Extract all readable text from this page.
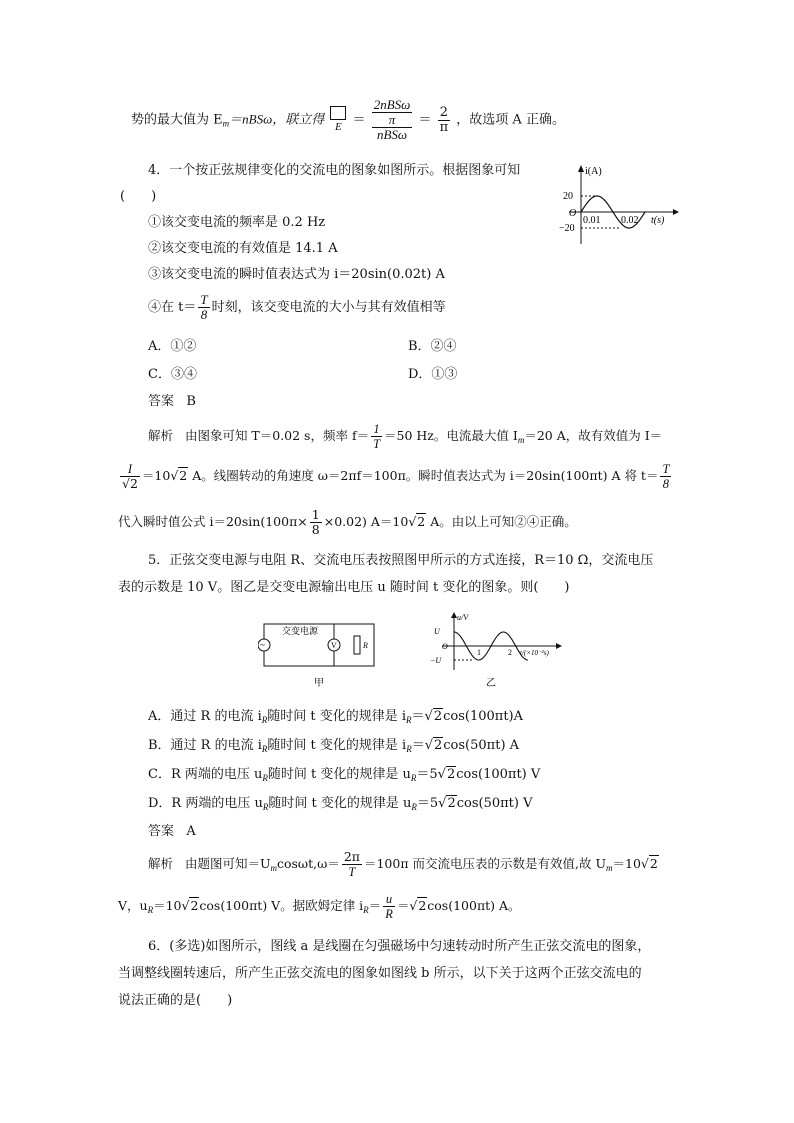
势的最大值为 $E_m=nBS\omega$，联立得
E ＝
2nBSω
π
nBSω
＝ $\frac{2}{\pi}$ ，故选项 A 正确。
4．一个按正弦规律变化的交流电的图象如图所示。根据图象可知
(　　)
i(A)
20
O
−20
0.01 0.02 t(s)
①该交变电流的频率是 0.2 Hz
②该交变电流的有效值是 14.1 A
③该交变电流的瞬时值表达式为 i＝20sin(0.02t) A
④在 $t= \frac{T}{8}$ 时刻，该交变电流的大小与其有效值相等
A．①②	B．②④
C．③④	D．①③
答案 B
解析 由图象可知 T＝0.02 s，频率 $f= \frac{1}{T} =50$ Hz。电流最大值 $I_m=20$ A，故有效值为 I＝
$\frac{I}{√2} =10√2$ A。线圈转动的角速度 ω＝2πf＝100π。瞬时值表达式为 i＝20sin(100πt) A 将 $t= \frac{T}{8}$
代入瞬时值公式 $i=20\sin(100\pi\times \frac{1}{8} \times 0.02)$ A＝10√2 A。由以上可知②④正确。
5．正弦交变电源与电阻 R、交流电压表按照图甲所示的方式连接，R＝10 Ω，交流电压
表的示数是 10 V。图乙是交变电源输出电压 u 随时间 t 变化的图象。则(　　)
~	V	R
交变电源
甲
u/V
U
O
−U
1	2 t/(×10⁻²s)
乙
A．通过 R 的电流 $i_R$随时间 t 变化的规律是 $i_R=√2\cos(100\pi t)A$
B．通过 R 的电流 $i_R$随时间 t 变化的规律是 $i_R=√2\cos(50\pi t)$ A
C．R 两端的电压 $u_R$随时间 t 变化的规律是 $u_R=5√2\cos(100\pi t)$ V
D．R 两端的电压 $u_R$随时间 t 变化的规律是 $u_R=5√2\cos(50\pi t)$ V
答案 A
解析 由题图可知$=U_m\cos\omega t,\omega= \frac{2\pi}{T} =100\pi$ 而交流电压表的示数是有效值,故 $U_m=10√2$
V，$u_R=10√2\cos(100\pi t)$ V。据欧姆定律 $i_R= \frac{u}{R} =√2\cos(100\pi t)$ A。
6．(多选)如图所示，图线 a 是线圈在匀强磁场中匀速转动时所产生正弦交流电的图象，
当调整线圈转速后，所产生正弦交流电的图象如图线 b 所示，以下关于这两个正弦交流电的
说法正确的是(　　)
